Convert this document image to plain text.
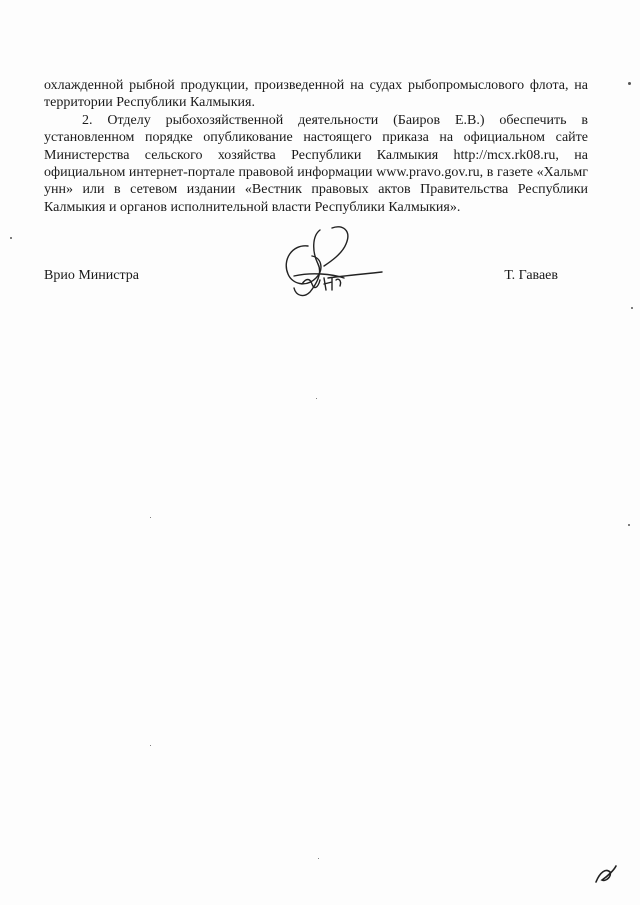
охлажденной рыбной продукции, произведенной на судах рыбопромыслового флота, на территории Республики Калмыкия.

2. Отделу рыбохозяйственной деятельности (Баиров Е.В.) обеспечить в установленном порядке опубликование настоящего приказа на официальном сайте Министерства сельского хозяйства Республики Калмыкия http://mcx.rk08.ru, на официальном интернет-портале правовой информации www.pravo.gov.ru, в газете «Хальмг унн» или в сетевом издании «Вестник правовых актов Правительства Республики Калмыкия и органов исполнительной власти Республики Калмыкия».

Врио Министра	Т. Гаваев
